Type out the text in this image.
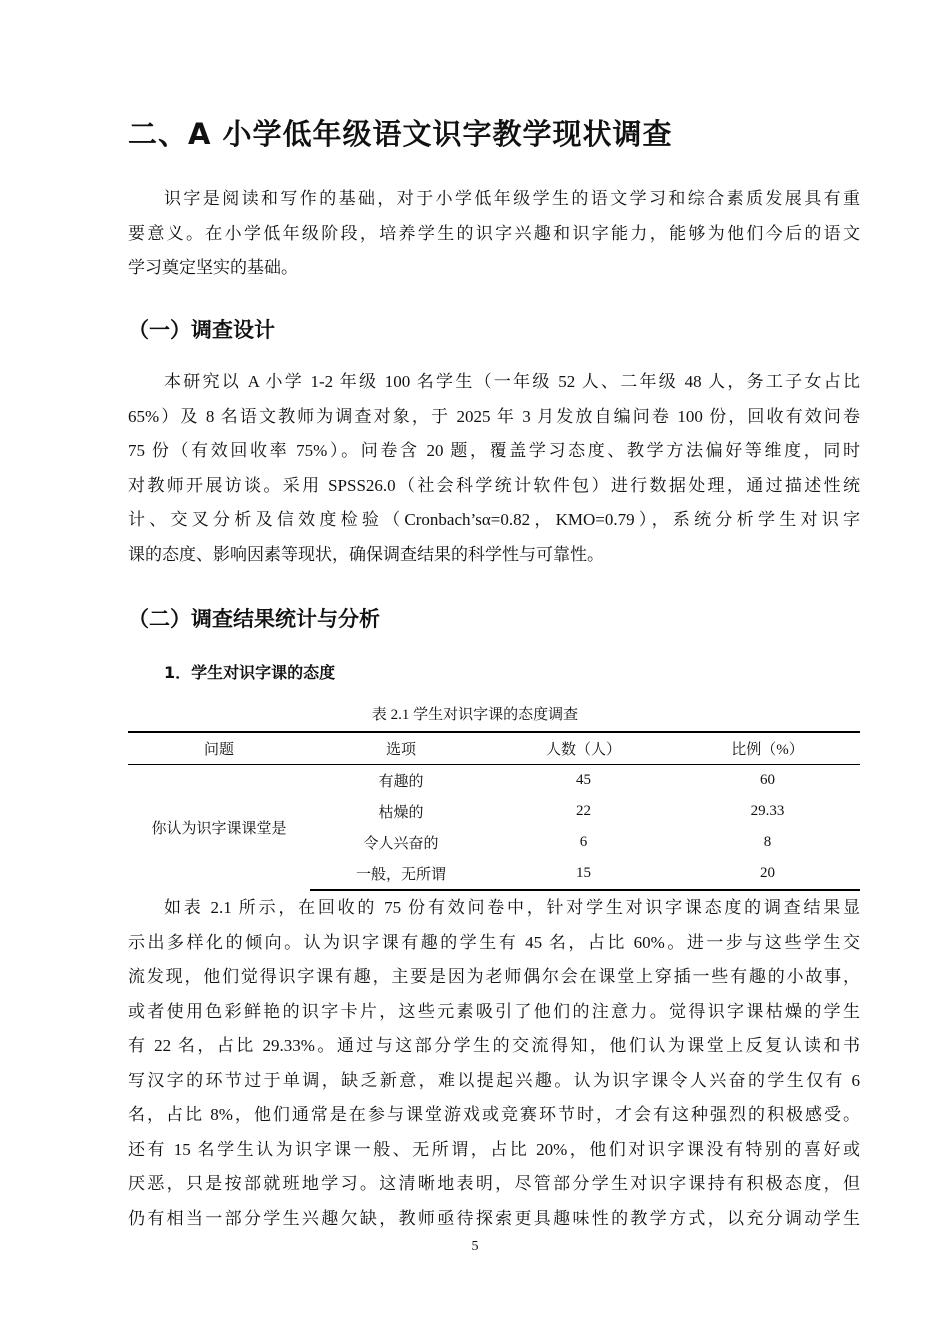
二、A 小学低年级语文识字教学现状调查
识字是阅读和写作的基础，对于小学低年级学生的语文学习和综合素质发展具有重
要意义。在小学低年级阶段，培养学生的识字兴趣和识字能力，能够为他们今后的语文
学习奠定坚实的基础。
（一）调查设计
本研究以 A 小学 1-2 年级 100 名学生（一年级 52 人、二年级 48 人，务工子女占比
65%）及 8 名语文教师为调查对象，于 2025 年 3 月发放自编问卷 100 份，回收有效问卷
75 份（有效回收率 75%）。问卷含 20 题，覆盖学习态度、教学方法偏好等维度，同时
对教师开展访谈。采用 SPSS26.0（社会科学统计软件包）进行数据处理，通过描述性统
计、交叉分析及信效度检验（Cronbach’sα=0.82，KMO=0.79），系统分析学生对识字
课的态度、影响因素等现状，确保调查结果的科学性与可靠性。
（二）调查结果统计与分析
1．学生对识字课的态度
表 2.1 学生对识字课的态度调查
问题	选项	人数（人）	比例（%）
你认为识字课课堂是	有趣的	45	60
	枯燥的	22	29.33
	令人兴奋的	6	8
	一般，无所谓	15	20
如表 2.1 所示，在回收的 75 份有效问卷中，针对学生对识字课态度的调查结果显
示出多样化的倾向。认为识字课有趣的学生有 45 名，占比 60%。进一步与这些学生交
流发现，他们觉得识字课有趣，主要是因为老师偶尔会在课堂上穿插一些有趣的小故事，
或者使用色彩鲜艳的识字卡片，这些元素吸引了他们的注意力。觉得识字课枯燥的学生
有 22 名，占比 29.33%。通过与这部分学生的交流得知，他们认为课堂上反复认读和书
写汉字的环节过于单调，缺乏新意，难以提起兴趣。认为识字课令人兴奋的学生仅有 6
名，占比 8%，他们通常是在参与课堂游戏或竞赛环节时，才会有这种强烈的积极感受。
还有 15 名学生认为识字课一般、无所谓，占比 20%，他们对识字课没有特别的喜好或
厌恶，只是按部就班地学习。这清晰地表明，尽管部分学生对识字课持有积极态度，但
仍有相当一部分学生兴趣欠缺，教师亟待探索更具趣味性的教学方式，以充分调动学生
5
